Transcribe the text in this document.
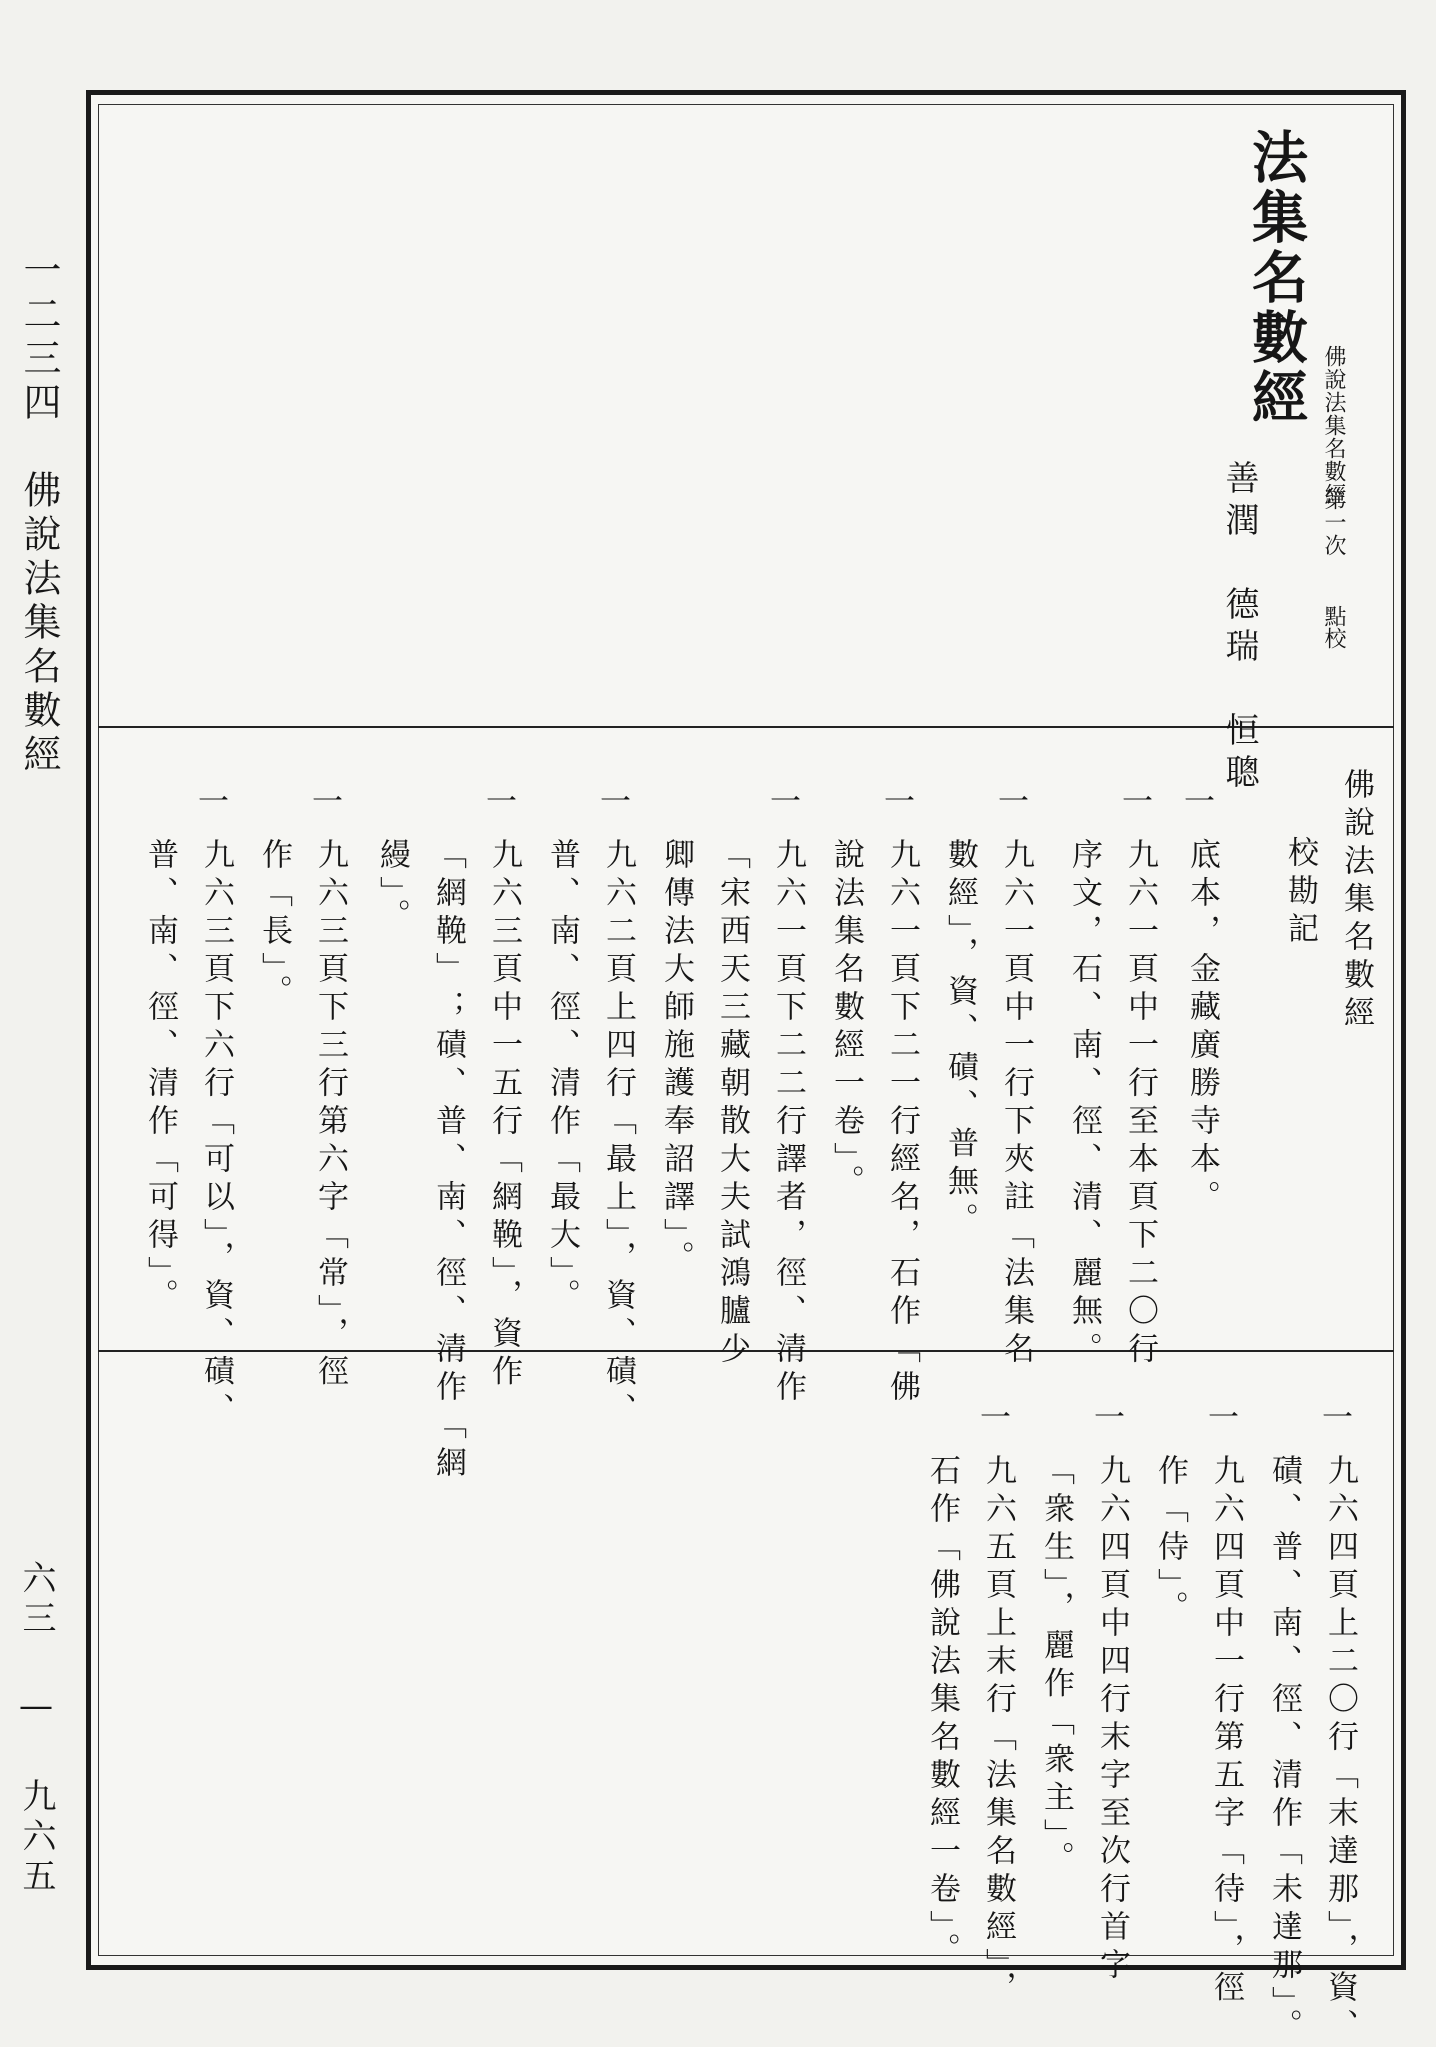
一二三四　佛說法集名數經
六三 — 九六五
法集名數經 佛說法集名數經
善潤　德瑞　恒聰	第一次
點校
佛說法集名數經
校勘記
一
底本，金藏廣勝寺本。
一
九六一頁中一行至本頁下二〇行
序文，石、南、徑、清、麗無。
一
九六一頁中一行下夾註「法集名
數經」，資、磧、普無。
一
九六一頁下二一行經名，石作「佛
說法集名數經一卷」。
一
九六一頁下二二行譯者，徑、清作
「宋西天三藏朝散大夫試鴻臚少
卿傳法大師施護奉詔譯」。
一
九六二頁上四行「最上」，資、磧、
普、南、徑、清作「最大」。
一
九六三頁中一五行「網鞔」，資作
「網鞔」；磧、普、南、徑、清作「網
縵」。
一
九六三頁下三行第六字「常」，徑
作「長」。
一
九六三頁下六行「可以」，資、磧、
普、南、徑、清作「可得」。
一
九六四頁上二〇行「末達那」，資、
磧、普、南、徑、清作「未達那」。
一
九六四頁中一行第五字「待」，徑
作「侍」。
一
九六四頁中四行末字至次行首字
「衆生」，麗作「衆主」。
一
九六五頁上末行「法集名數經」，
石作「佛說法集名數經一卷」。
